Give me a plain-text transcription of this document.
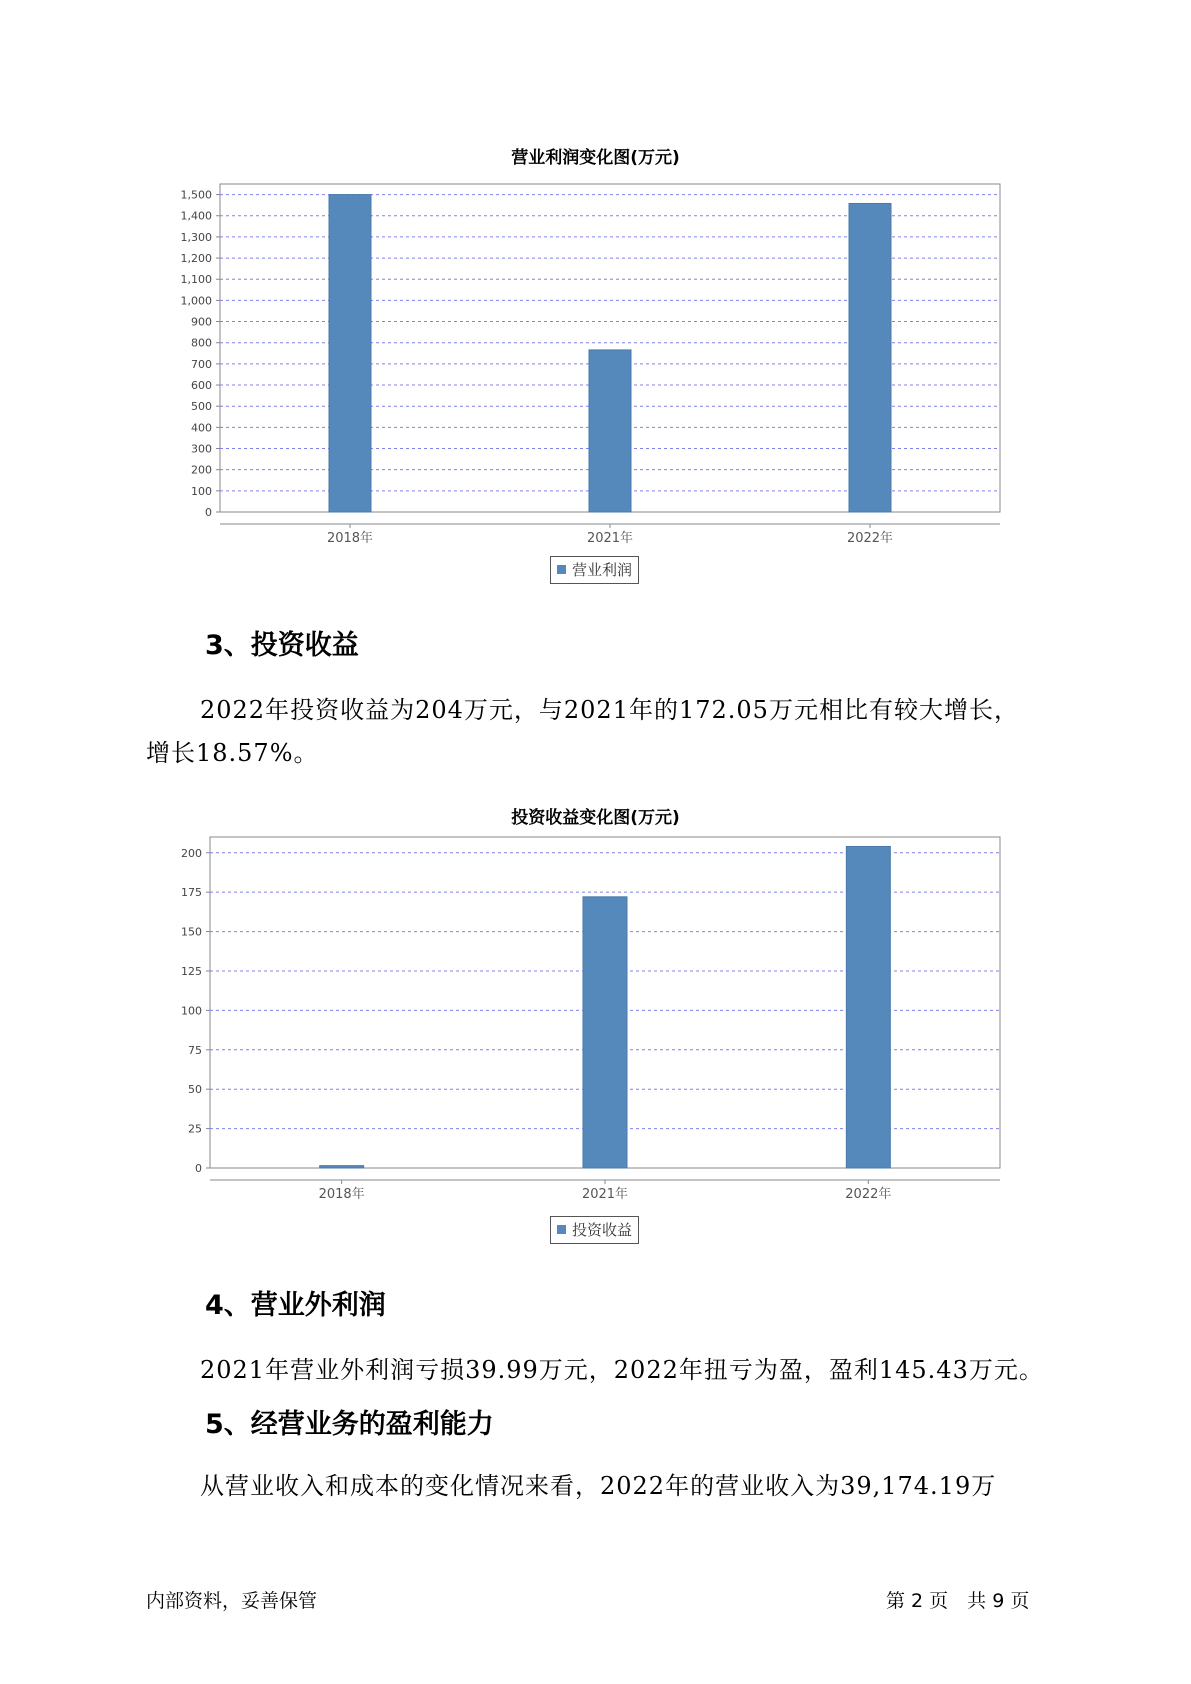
营业利润变化图(万元)
0
100
200
300
400
500
600
700
800
900
1,000
1,100
1,200
1,300
1,400
1,500
2018年	2021年	2022年
营业利润
3、投资收益
2022年投资收益为204万元，与2021年的172.05万元相比有较大增长，
增长18.57%。
投资收益变化图(万元)
0
25
50
75
100
125
150
175
200
2018年	2021年	2022年
投资收益
4、营业外利润
2021年营业外利润亏损39.99万元，2022年扭亏为盈，盈利145.43万元。
5、经营业务的盈利能力
从营业收入和成本的变化情况来看，2022年的营业收入为39,174.19万
内部资料，妥善保管	第 2 页　共 9 页
